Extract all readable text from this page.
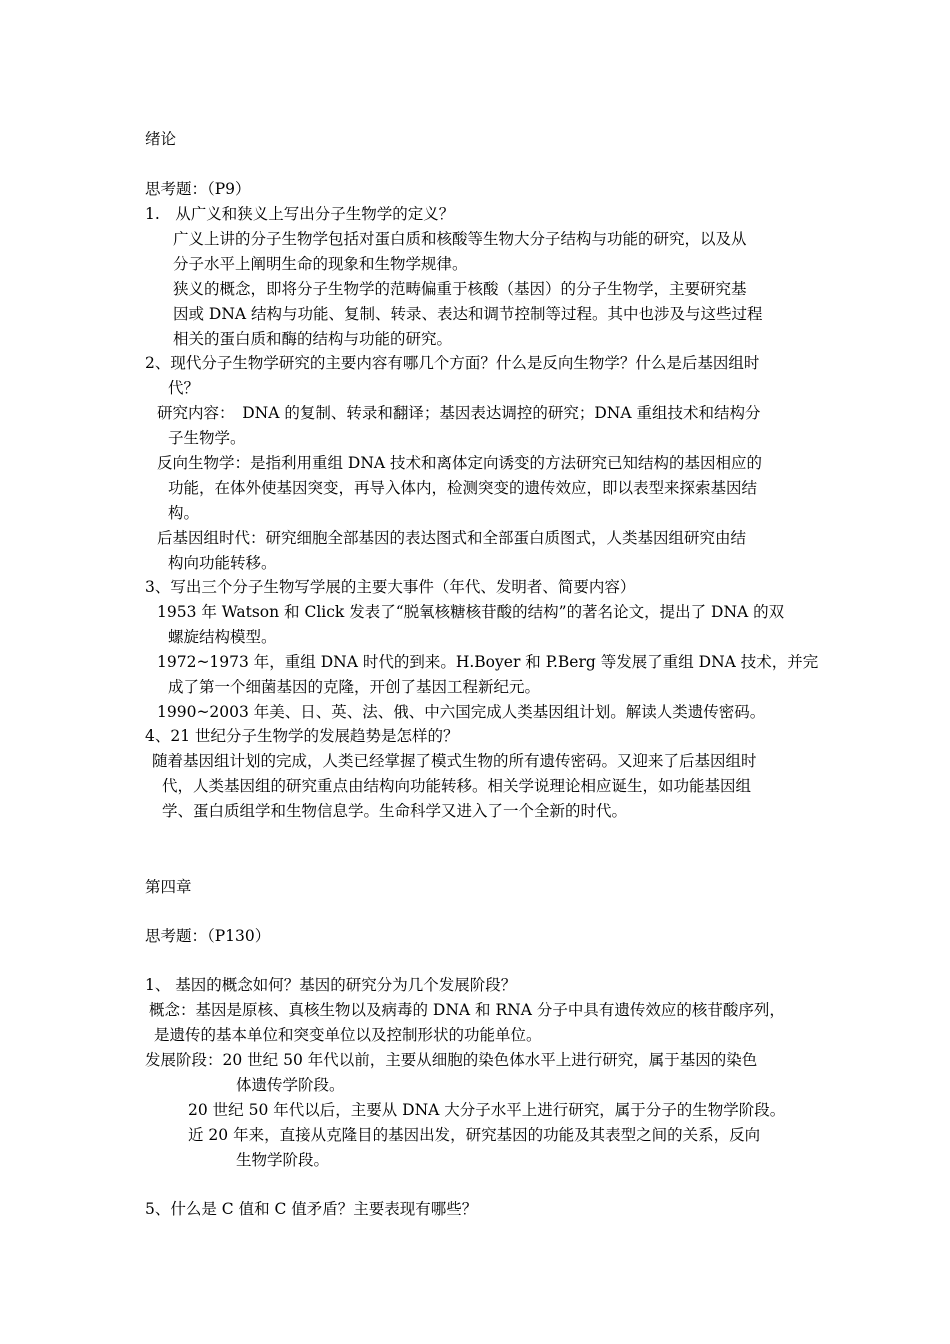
绪论
思考题：（P9）
1.　从广义和狭义上写出分子生物学的定义？
广义上讲的分子生物学包括对蛋白质和核酸等生物大分子结构与功能的研究，以及从
分子水平上阐明生命的现象和生物学规律。
狭义的概念，即将分子生物学的范畴偏重于核酸（基因）的分子生物学，主要研究基
因或 DNA 结构与功能、复制、转录、表达和调节控制等过程。其中也涉及与这些过程
相关的蛋白质和酶的结构与功能的研究。
2、现代分子生物学研究的主要内容有哪几个方面？什么是反向生物学？什么是后基因组时
代？
研究内容：　DNA 的复制、转录和翻译；基因表达调控的研究；DNA 重组技术和结构分
子生物学。
反向生物学：是指利用重组 DNA 技术和离体定向诱变的方法研究已知结构的基因相应的
功能，在体外使基因突变，再导入体内，检测突变的遗传效应，即以表型来探索基因结
构。
后基因组时代：研究细胞全部基因的表达图式和全部蛋白质图式，人类基因组研究由结
构向功能转移。
3、写出三个分子生物写学展的主要大事件（年代、发明者、简要内容）
1953 年 Watson 和 Click 发表了“脱氧核糖核苷酸的结构”的著名论文，提出了 DNA 的双
螺旋结构模型。
1972~1973 年，重组 DNA 时代的到来。H.Boyer 和 P.Berg 等发展了重组 DNA 技术，并完
成了第一个细菌基因的克隆，开创了基因工程新纪元。
1990~2003 年美、日、英、法、俄、中六国完成人类基因组计划。解读人类遗传密码。
4、21 世纪分子生物学的发展趋势是怎样的？
随着基因组计划的完成，人类已经掌握了模式生物的所有遗传密码。又迎来了后基因组时
代，人类基因组的研究重点由结构向功能转移。相关学说理论相应诞生，如功能基因组
学、蛋白质组学和生物信息学。生命科学又进入了一个全新的时代。
第四章
思考题：（P130）
1、 基因的概念如何？基因的研究分为几个发展阶段？
概念：基因是原核、真核生物以及病毒的 DNA 和 RNA 分子中具有遗传效应的核苷酸序列，
是遗传的基本单位和突变单位以及控制形状的功能单位。
发展阶段：20 世纪 50 年代以前，主要从细胞的染色体水平上进行研究，属于基因的染色
体遗传学阶段。
20 世纪 50 年代以后，主要从 DNA 大分子水平上进行研究，属于分子的生物学阶段。
近 20 年来，直接从克隆目的基因出发，研究基因的功能及其表型之间的关系，反向
生物学阶段。
5、什么是 C 值和 C 值矛盾？主要表现有哪些？
